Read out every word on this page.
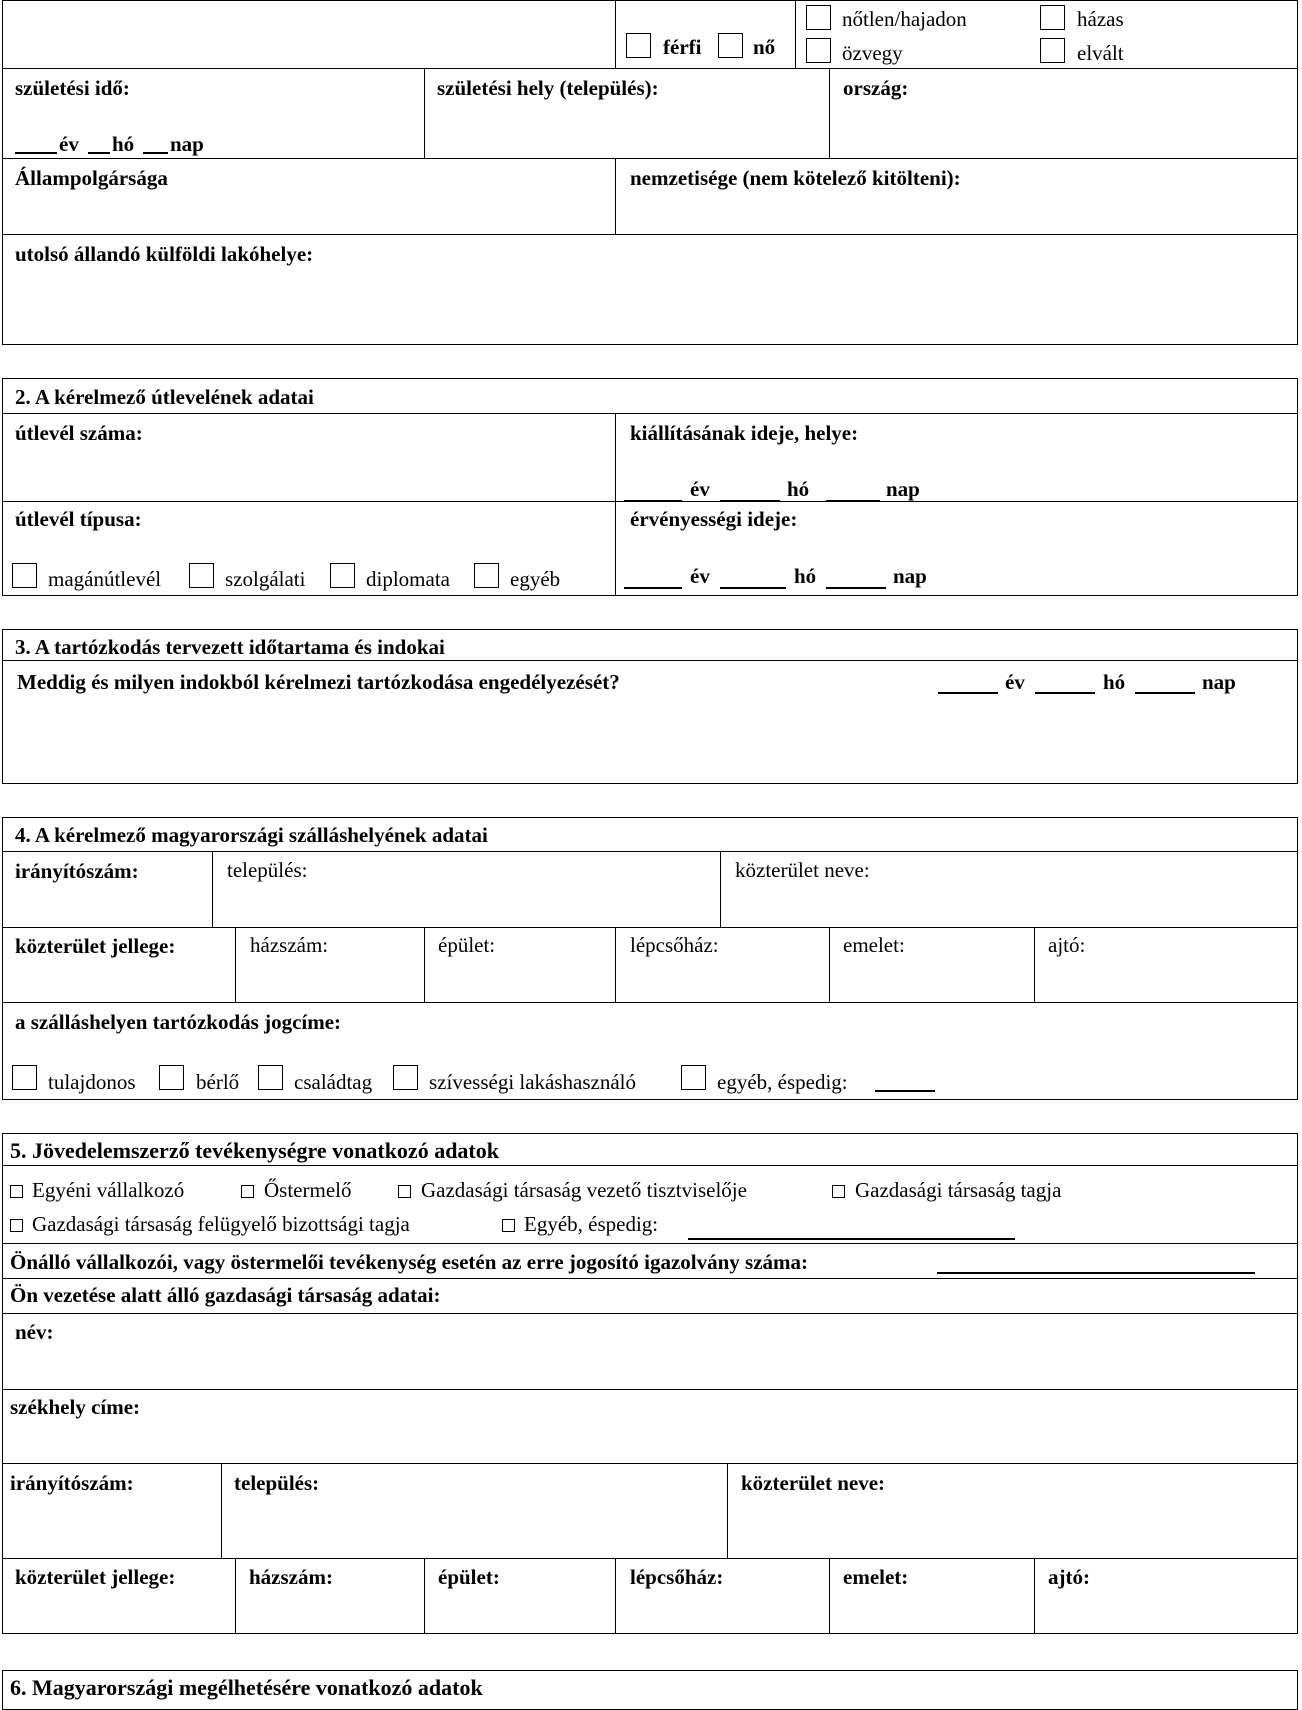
férfi nő
nőtlen/hajadon
özvegy
házas
elvált
születési idő:
év hó nap
születési hely (település):	ország:
Állampolgársága	nemzetisége (nem kötelező kitölteni):
utolsó állandó külföldi lakóhelye:
2. A kérelmező útlevelének adatai
útlevél száma:	kiállításának ideje, helye:
év	hó	nap
útlevél típusa:
magánútlevél	szolgálati	diplomata	egyéb
érvényességi ideje:
év	hó	nap
3. A tartózkodás tervezett időtartama és indokai
Meddig és milyen indokból kérelmezi tartózkodása engedélyezését?	év	hó	nap
4. A kérelmező magyarországi szálláshelyének adatai
irányítószám:	település:	közterület neve:
közterület jellege:	házszám:	épület:	lépcsőház:	emelet:	ajtó:
a szálláshelyen tartózkodás jogcíme:
tulajdonos	bérlő	családtag	szívességi lakáshasználó	egyéb, éspedig:
5. Jövedelemszerző tevékenységre vonatkozó adatok
Egyéni vállalkozó	Őstermelő	Gazdasági társaság vezető tisztviselője	Gazdasági társaság tagja
Gazdasági társaság felügyelő bizottsági tagja	Egyéb, éspedig:
Önálló vállalkozói, vagy östermelői tevékenység esetén az erre jogosító igazolvány száma:
Ön vezetése alatt álló gazdasági társaság adatai:
név:
székhely címe:
irányítószám:	település:	közterület neve:
közterület jellege:	házszám:	épület:	lépcsőház:	emelet:	ajtó:
6. Magyarországi megélhetésére vonatkozó adatok
